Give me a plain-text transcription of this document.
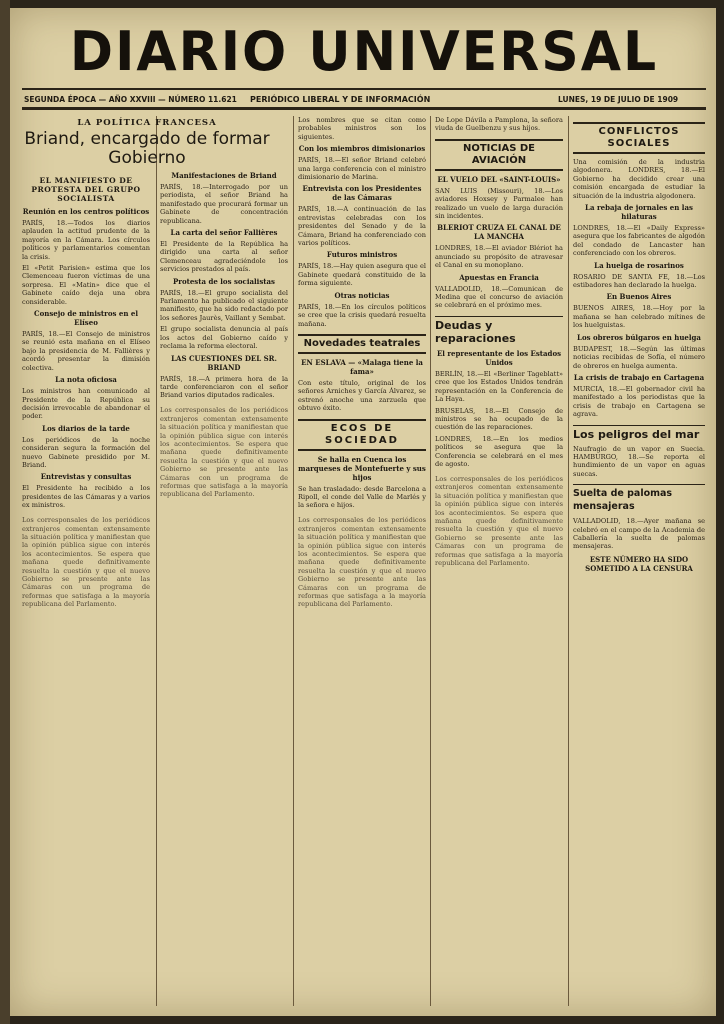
DIARIO UNIVERSAL
SEGUNDA ÉPOCA — AÑO XXVIII — NÚMERO 11.621 PERIÓDICO LIBERAL Y DE INFORMACIÓN	LUNES, 19 DE JULIO DE 1909
LA POLÍTICA FRANCESA
Briand, encargado de formar Gobierno
EL MANIFIESTO DE PROTESTA DEL GRUPO SOCIALISTA
Reunión en los centros políticos

PARÍS, 18.—Todos los diarios aplauden la actitud prudente de la mayoría en la Cámara. Los círculos políticos y parlamentarios comentan la crisis.

El «Petit Parisien» estima que los Clemenceau fueron víctimas de una sorpresa. El «Matin» dice que el Gabinete caído deja una obra considerable.

Consejo de ministros en el Elíseo

PARÍS, 18.—El Consejo de ministros se reunió esta mañana en el Elíseo bajo la presidencia de M. Fallières y acordó presentar la dimisión colectiva.

La nota oficiosa

Los ministros han comunicado al Presidente de la República su decisión irrevocable de abandonar el poder.

Los diarios de la tarde

Los periódicos de la noche consideran segura la formación del nuevo Gabinete presidido por M. Briand.

Entrevistas y consultas

El Presidente ha recibido a los presidentes de las Cámaras y a varios ex ministros.

Los corresponsales de los periódicos extranjeros comentan extensamente la situación política y manifiestan que la opinión pública sigue con interés los acontecimientos. Se espera que mañana quede definitivamente resuelta la cuestión y que el nuevo Gobierno se presente ante las Cámaras con un programa de reformas que satisfaga a la mayoría republicana del Parlamento.

Manifestaciones de Briand

PARÍS, 18.—Interrogado por un periodista, el señor Briand ha manifestado que procurará formar un Gabinete de concentración republicana.

La carta del señor Fallières

El Presidente de la República ha dirigido una carta al señor Clemenceau agradeciéndole los servicios prestados al país.

Protesta de los socialistas

PARÍS, 18.—El grupo socialista del Parlamento ha publicado el siguiente manifiesto, que ha sido redactado por los señores Jaurès, Vaillant y Sembat.

El grupo socialista denuncia al país los actos del Gobierno caído y reclama la reforma electoral.

LAS CUESTIONES DEL SR. BRIAND

PARÍS, 18.—A primera hora de la tarde conferenciaron con el señor Briand varios diputados radicales.

Los corresponsales de los periódicos extranjeros comentan extensamente la situación política y manifiestan que la opinión pública sigue con interés los acontecimientos. Se espera que mañana quede definitivamente resuelta la cuestión y que el nuevo Gobierno se presente ante las Cámaras con un programa de reformas que satisfaga a la mayoría republicana del Parlamento.

Los nombres que se citan como probables ministros son los siguientes.

Con los miembros dimisionarios

PARÍS, 18.—El señor Briand celebró una larga conferencia con el ministro dimisionario de Marina.

Entrevista con los Presidentes de las Cámaras

PARÍS, 18.—A continuación de las entrevistas celebradas con los presidentes del Senado y de la Cámara, Briand ha conferenciado con varios políticos.

Futuros ministros

PARÍS, 18.—Hay quien asegura que el Gabinete quedará constituido de la forma siguiente.

Otras noticias

PARÍS, 18.—En los círculos políticos se cree que la crisis quedará resuelta mañana.

Novedades teatrales
EN ESLAVA — «Malaga tiene la fama»

Con este título, original de los señores Arniches y García Álvarez, se estrenó anoche una zarzuela que obtuvo éxito.

ECOS DE SOCIEDAD
Se halla en Cuenca los marqueses de Montefuerte y sus hijos

Se han trasladado: desde Barcelona a Ripoll, el conde del Valle de Marlés y la señora e hijos.

Los corresponsales de los periódicos extranjeros comentan extensamente la situación política y manifiestan que la opinión pública sigue con interés los acontecimientos. Se espera que mañana quede definitivamente resuelta la cuestión y que el nuevo Gobierno se presente ante las Cámaras con un programa de reformas que satisfaga a la mayoría republicana del Parlamento.

De Lope Dávila a Pamplona, la señora viuda de Guelbenzu y sus hijos.

NOTICIAS DE AVIACIÓN
EL VUELO DEL «SAINT-LOUIS»

SAN LUIS (Missouri), 18.—Los aviadores Hoxsey y Parmalee han realizado un vuelo de larga duración sin incidentes.

BLERIOT CRUZA EL CANAL DE LA MANCHA

LONDRES, 18.—El aviador Blériot ha anunciado su propósito de atravesar el Canal en su monoplano.

Apuestas en Francia

VALLADOLID, 18.—Comunican de Medina que el concurso de aviación se celebrará en el próximo mes.

Deudas y reparaciones
El representante de los Estados Unidos

BERLÍN, 18.—El «Berliner Tageblatt» cree que los Estados Unidos tendrán representación en la Conferencia de La Haya.

BRUSELAS, 18.—El Consejo de ministros se ha ocupado de la cuestión de las reparaciones.

LONDRES, 18.—En los medios políticos se asegura que la Conferencia se celebrará en el mes de agosto.

Los corresponsales de los periódicos extranjeros comentan extensamente la situación política y manifiestan que la opinión pública sigue con interés los acontecimientos. Se espera que mañana quede definitivamente resuelta la cuestión y que el nuevo Gobierno se presente ante las Cámaras con un programa de reformas que satisfaga a la mayoría republicana del Parlamento.

CONFLICTOS SOCIALES

Una comisión de la industria algodonera. LONDRES, 18.—El Gobierno ha decidido crear una comisión encargada de estudiar la situación de la industria algodonera.

La rebaja de jornales en las hilaturas

LONDRES, 18.—El «Daily Express» asegura que los fabricantes de algodón del condado de Lancaster han conferenciado con los obreros.

La huelga de rosarinos

ROSARIO DE SANTA FE, 18.—Los estibadores han declarado la huelga.

En Buenos Aires

BUENOS AIRES, 18.—Hoy por la mañana se han celebrado mítines de los huelguistas.

Los obreros búlgaros en huelga

BUDAPEST, 18.—Según las últimas noticias recibidas de Sofía, el número de obreros en huelga aumenta.

La crisis de trabajo en Cartagena

MURCIA, 18.—El gobernador civil ha manifestado a los periodistas que la crisis de trabajo en Cartagena se agrava.

Los peligros del mar

Naufragio de un vapor en Suecia. HAMBURGO, 18.—Se reporta el hundimiento de un vapor en aguas suecas.

Suelta de palomas mensajeras

VALLADOLID, 18.—Ayer mañana se celebró en el campo de la Academia de Caballería la suelta de palomas mensajeras.

ESTE NÚMERO HA SIDO SOMETIDO A LA CENSURA
